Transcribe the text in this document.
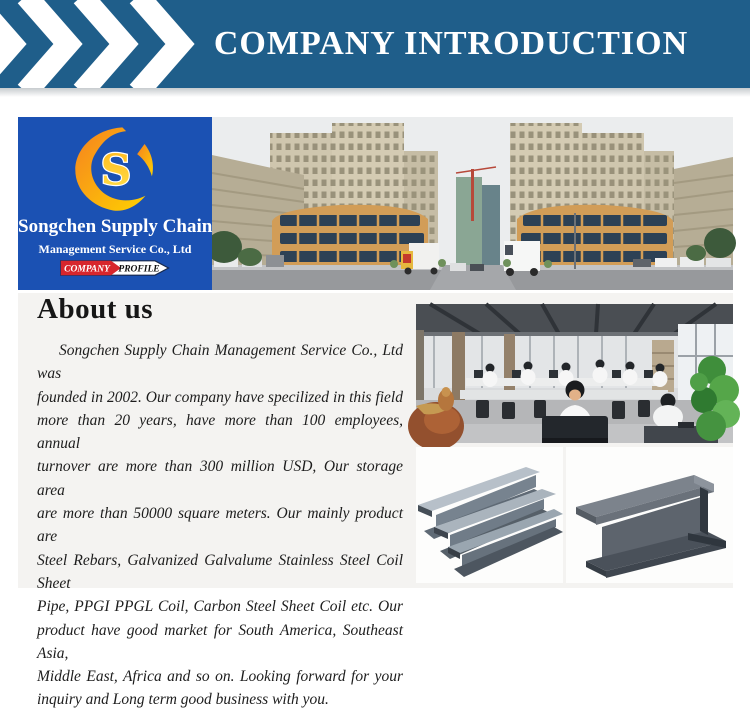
COMPANY INTRODUCTION
S
Songchen Supply Chain
Management Service Co., Ltd
COMPANY PROFILE
About us
Songchen Supply Chain Management Service Co., Ltd was
founded in 2002. Our company have specilized in this field
more than 20 years, have more than 100 employees, annual
turnover are more than 300 million USD, Our storage area
are more than 50000 square meters. Our mainly product are
Steel Rebars, Galvanized Galvalume Stainless Steel Coil Sheet
Pipe, PPGI PPGL Coil, Carbon Steel Sheet Coil etc. Our
product have good market for South America, Southeast Asia,
Middle East, Africa and so on. Looking forward for your
inquiry and Long term good business with you.
